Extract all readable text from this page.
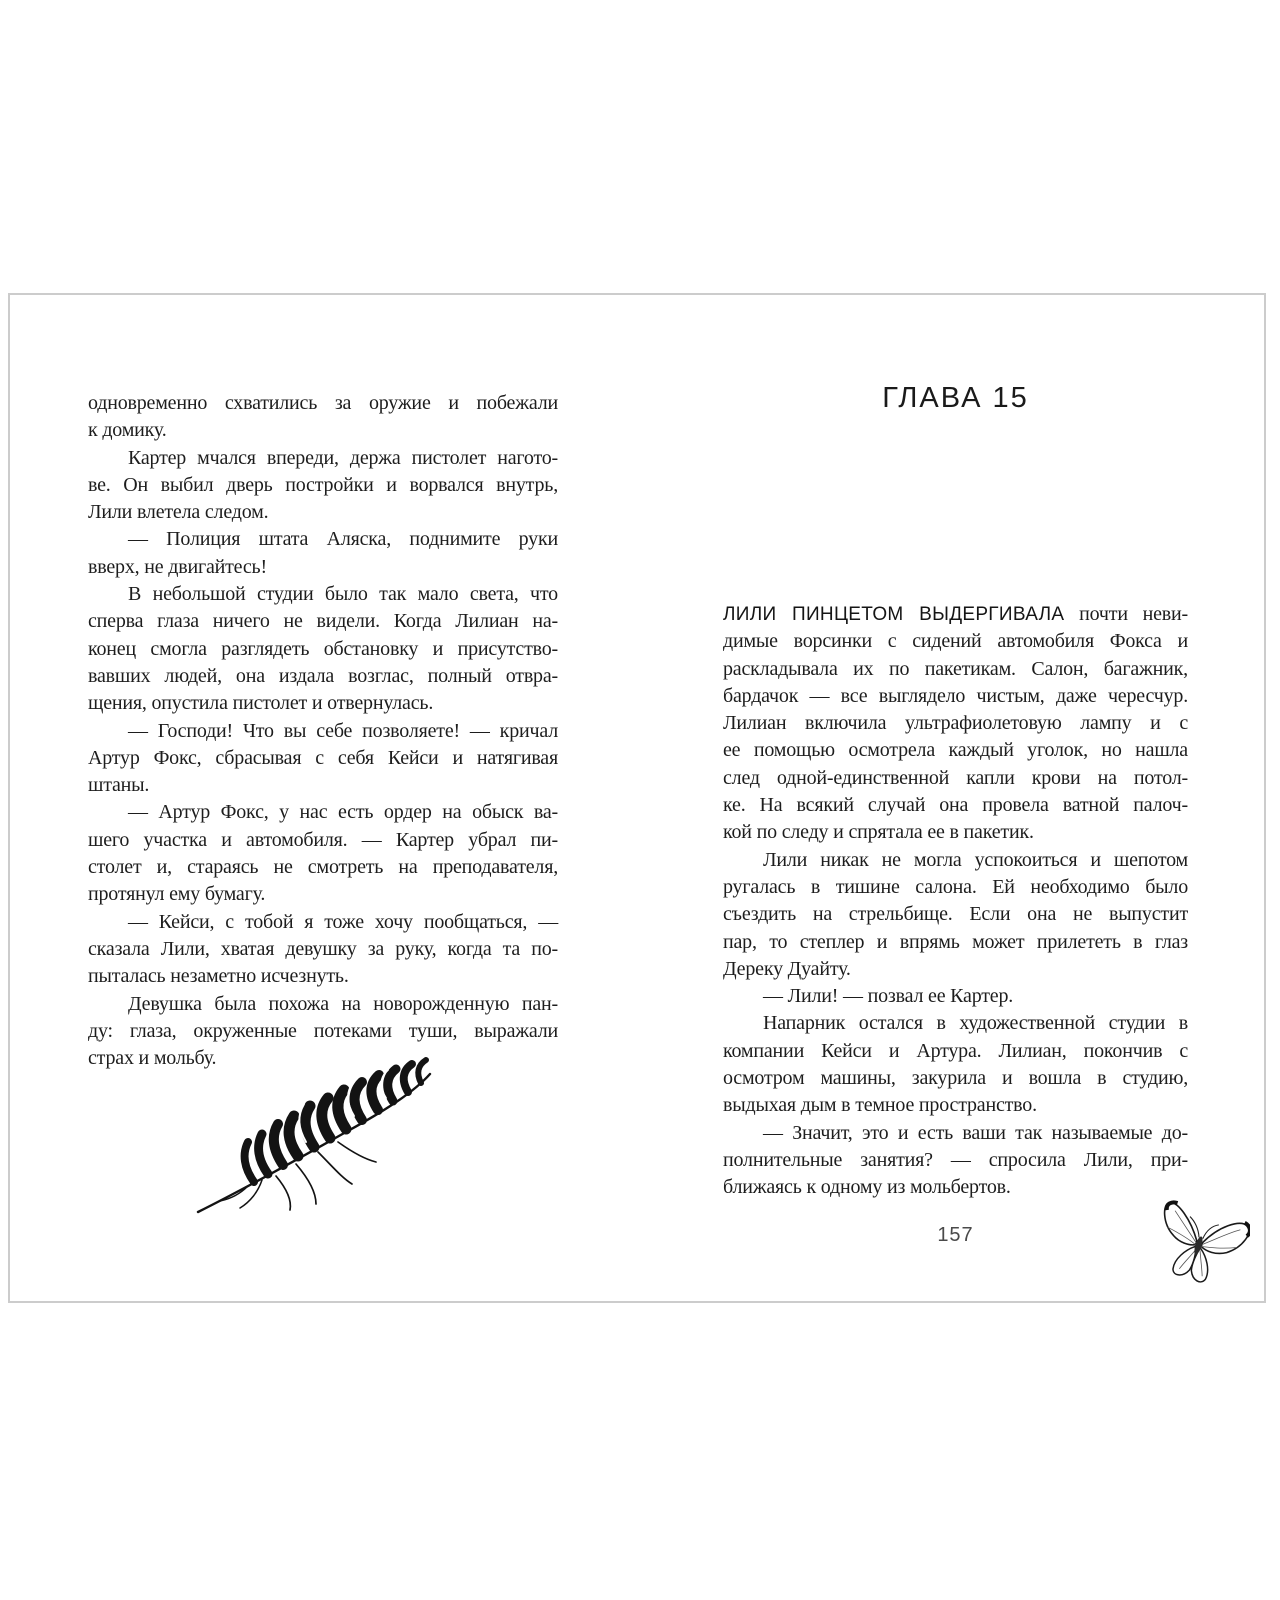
ГЛАВА 15
одновременно схватились за оружие и побежали
к домику.
Картер мчался впереди, держа пистолет нагото-
ве. Он выбил дверь постройки и ворвался внутрь,
Лили влетела следом.
— Полиция штата Аляска, поднимите руки
вверх, не двигайтесь!
В небольшой студии было так мало света, что
сперва глаза ничего не видели. Когда Лилиан на-
конец смогла разглядеть обстановку и присутство-
вавших людей, она издала возглас, полный отвра-
щения, опустила пистолет и отвернулась.
— Господи! Что вы себе позволяете! — кричал
Артур Фокс, сбрасывая с себя Кейси и натягивая
штаны.
— Артур Фокс, у нас есть ордер на обыск ва-
шего участка и автомобиля. — Картер убрал пи-
столет и, стараясь не смотреть на преподавателя,
протянул ему бумагу.
— Кейси, с тобой я тоже хочу пообщаться, —
сказала Лили, хватая девушку за руку, когда та по-
пыталась незаметно исчезнуть.
Девушка была похожа на новорожденную пан-
ду: глаза, окруженные потеками туши, выражали
страх и мольбу.
ЛИЛИ ПИНЦЕТОМ ВЫДЕРГИВАЛА почти неви-
димые ворсинки с сидений автомобиля Фокса и
раскладывала их по пакетикам. Салон, багажник,
бардачок — все выглядело чистым, даже чересчур.
Лилиан включила ультрафиолетовую лампу и с
ее помощью осмотрела каждый уголок, но нашла
след одной-единственной капли крови на потол-
ке. На всякий случай она провела ватной палоч-
кой по следу и спрятала ее в пакетик.
Лили никак не могла успокоиться и шепотом
ругалась в тишине салона. Ей необходимо было
съездить на стрельбище. Если она не выпустит
пар, то степлер и впрямь может прилететь в глаз
Дереку Дуайту.
— Лили! — позвал ее Картер.
Напарник остался в художественной студии в
компании Кейси и Артура. Лилиан, покончив с
осмотром машины, закурила и вошла в студию,
выдыхая дым в темное пространство.
— Значит, это и есть ваши так называемые до-
полнительные занятия? — спросила Лили, при-
ближаясь к одному из мольбертов.
157
